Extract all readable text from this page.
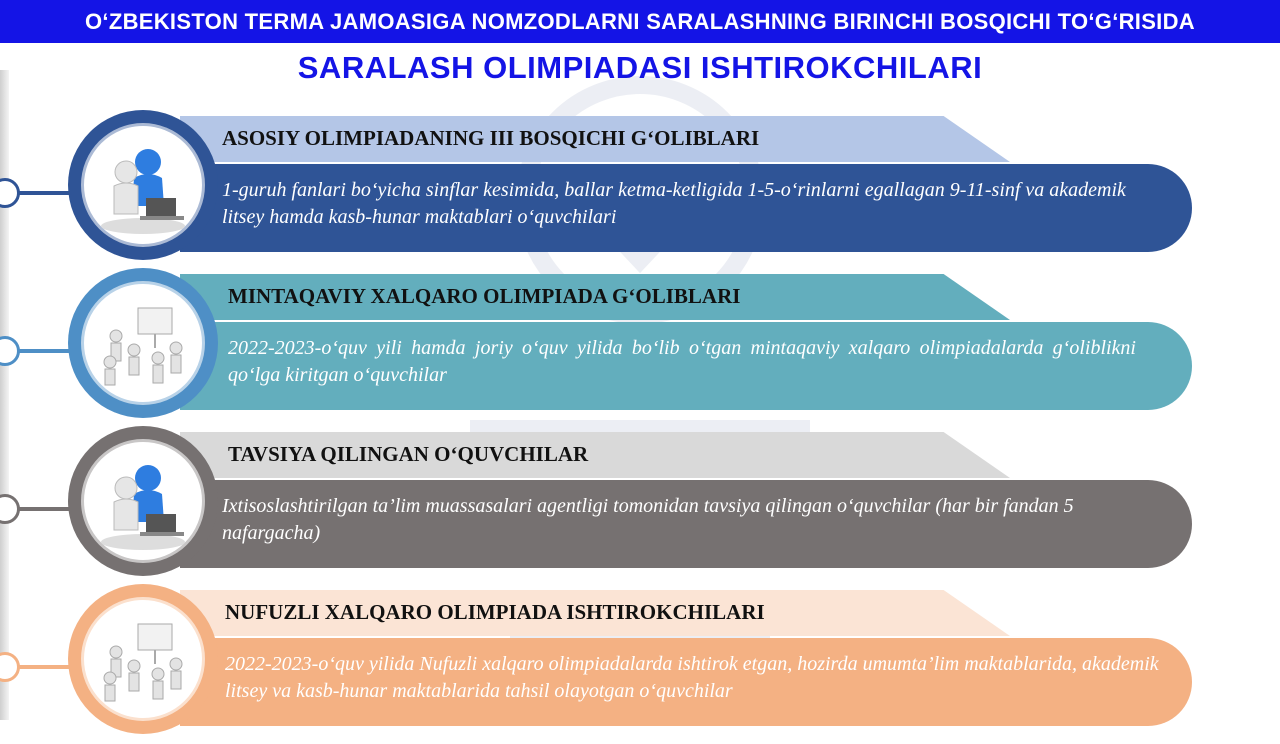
O‘ZBEKISTON TERMA JAMOASIGA NOMZODLARNI SARALASHNING BIRINCHI BOSQICHI TO‘G‘RISIDA
SARALASH OLIMPIADASI ISHTIROKCHILARI
ASOSIY OLIMPIADANING III BOSQICHI G‘OLIBLARI
1-guruh fanlari bo‘yicha sinflar kesimida, ballar ketma-ketligida 1-5-o‘rinlarni egallagan 9-11-sinf va akademik litsey hamda kasb-hunar maktablari o‘quvchilari
MINTAQAVIY XALQARO OLIMPIADA G‘OLIBLARI
2022-2023-o‘quv yili hamda joriy o‘quv yilida bo‘lib o‘tgan mintaqaviy xalqaro olimpiadalarda g‘oliblikni qo‘lga kiritgan o‘quvchilar
TAVSIYA QILINGAN O‘QUVCHILAR
Ixtisoslashtirilgan ta’lim muassasalari agentligi tomonidan tavsiya qilingan o‘quvchilar (har bir fandan 5 nafargacha)
NUFUZLI XALQARO OLIMPIADA ISHTIROKCHILARI
2022-2023-o‘quv yilida Nufuzli xalqaro olimpiadalarda ishtirok etgan, hozirda umumta’lim maktablarida, akademik litsey va kasb-hunar maktablarida tahsil olayotgan o‘quvchilar
